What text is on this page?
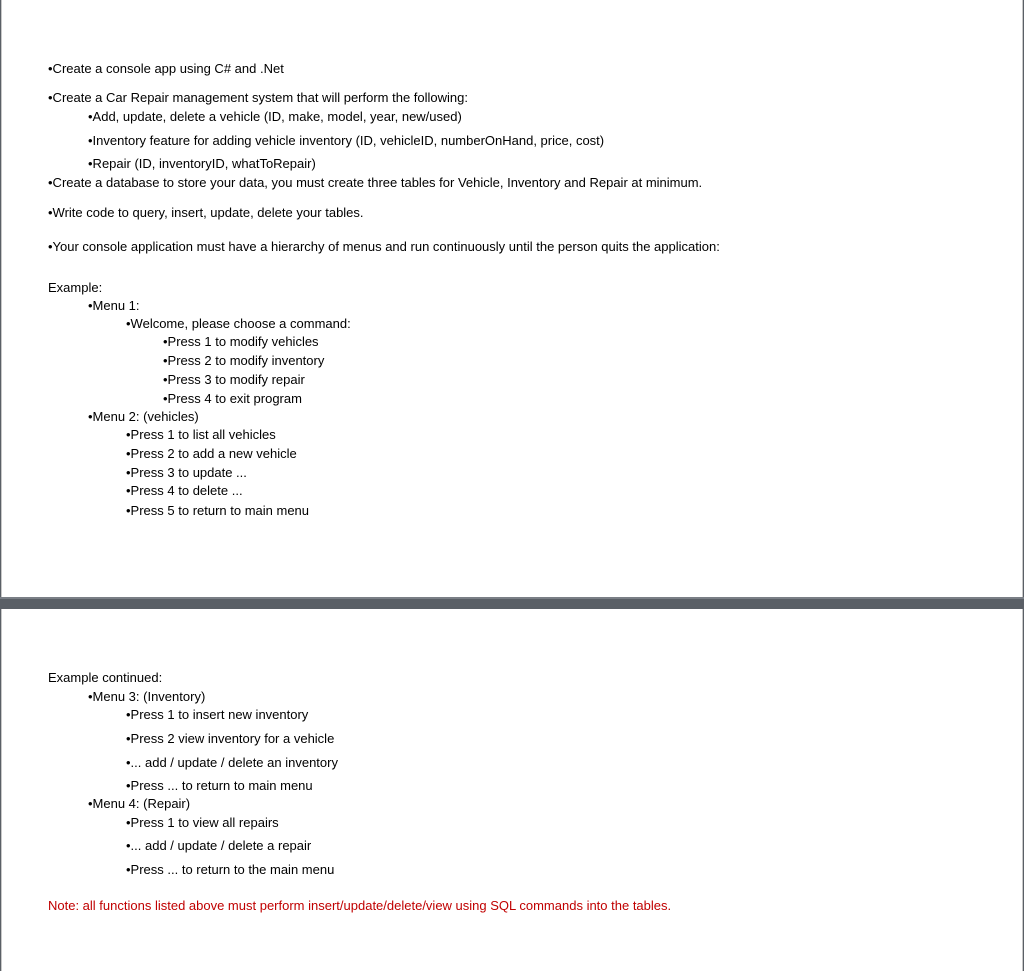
•Create a console app using C# and .Net
•Create a Car Repair management system that will perform the following:
•Add, update, delete a vehicle (ID, make, model, year, new/used)
•Inventory feature for adding vehicle inventory (ID, vehicleID, numberOnHand, price, cost)
•Repair (ID, inventoryID, whatToRepair)
•Create a database to store your data, you must create three tables for Vehicle, Inventory and Repair at minimum.
•Write code to query, insert, update, delete your tables.
•Your console application must have a hierarchy of menus and run continuously until the person quits the application:
Example:
•Menu 1:
•Welcome, please choose a command:
•Press 1 to modify vehicles
•Press 2 to modify inventory
•Press 3 to modify repair
•Press 4 to exit program
•Menu 2: (vehicles)
•Press 1 to list all vehicles
•Press 2 to add a new vehicle
•Press 3 to update ...
•Press 4 to delete ...
•Press 5 to return to main menu
Example continued:
•Menu 3: (Inventory)
•Press 1 to insert new inventory
•Press 2 view inventory for a vehicle
•... add / update / delete an inventory
•Press ... to return to main menu
•Menu 4: (Repair)
•Press 1 to view all repairs
•... add / update / delete a repair
•Press ... to return to the main menu
Note: all functions listed above must perform insert/update/delete/view using SQL commands into the tables.
